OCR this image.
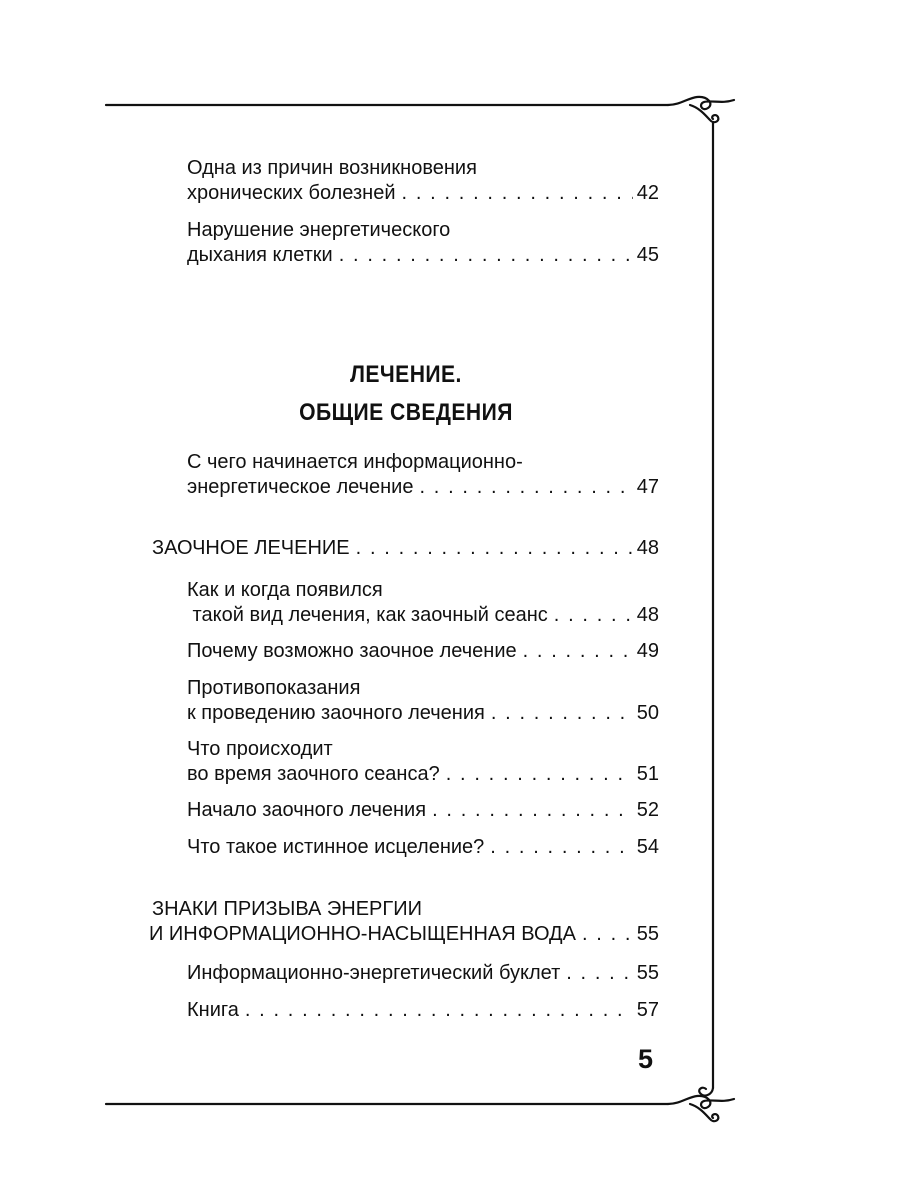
Одна из причин возникновения
хронических болезней . . .	42
Нарушение энергетического
дыхания клетки . . .	45
ЛЕЧЕНИЕ.
ОБЩИЕ СВЕДЕНИЯ
С чего начинается информационно-
энергетическое лечение . . .	47
ЗАОЧНОЕ ЛЕЧЕНИЕ . . .	48
Как и когда появился
такой вид лечения, как заочный сеанс . . .	48
Почему возможно заочное лечение . . .	49
Противопоказания
к проведению заочного лечения . . .	50
Что происходит
во время заочного сеанса? . . .	51
Начало заочного лечения . . .	52
Что такое истинное исцеление? . . .	54
ЗНАКИ ПРИЗЫВА ЭНЕРГИИ
И ИНФОРМАЦИОННО-НАСЫЩЕННАЯ ВОДА . . .	55
Информационно-энергетический буклет . . .	55
Книга . . .	57
5
